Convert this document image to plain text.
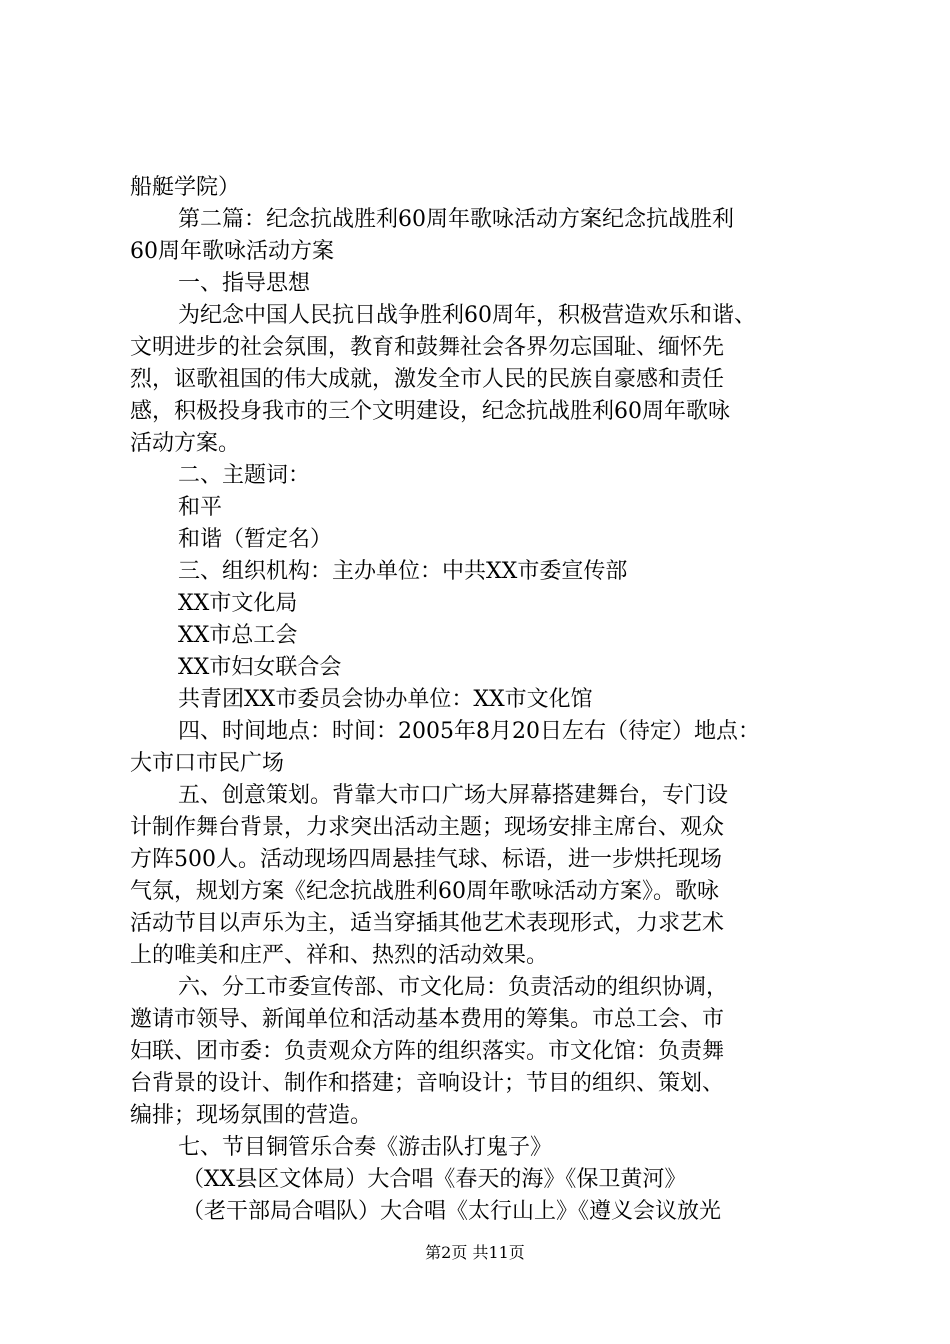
船艇学院）
第二篇：纪念抗战胜利60周年歌咏活动方案纪念抗战胜利
60周年歌咏活动方案
一、指导思想
为纪念中国人民抗日战争胜利60周年，积极营造欢乐和谐、
文明进步的社会氛围，教育和鼓舞社会各界勿忘国耻、缅怀先
烈，讴歌祖国的伟大成就，激发全市人民的民族自豪感和责任
感，积极投身我市的三个文明建设，纪念抗战胜利60周年歌咏
活动方案。
二、主题词：
和平
和谐（暂定名）
三、组织机构：主办单位：中共XX市委宣传部
XX市文化局
XX市总工会
XX市妇女联合会
共青团XX市委员会协办单位：XX市文化馆
四、时间地点：时间：2005年8月20日左右（待定）地点：
大市口市民广场
五、创意策划。背靠大市口广场大屏幕搭建舞台，专门设
计制作舞台背景，力求突出活动主题；现场安排主席台、观众
方阵500人。活动现场四周悬挂气球、标语，进一步烘托现场
气氛，规划方案《纪念抗战胜利60周年歌咏活动方案》。歌咏
活动节目以声乐为主，适当穿插其他艺术表现形式，力求艺术
上的唯美和庄严、祥和、热烈的活动效果。
六、分工市委宣传部、市文化局：负责活动的组织协调，
邀请市领导、新闻单位和活动基本费用的筹集。市总工会、市
妇联、团市委：负责观众方阵的组织落实。市文化馆：负责舞
台背景的设计、制作和搭建；音响设计；节目的组织、策划、
编排；现场氛围的营造。
七、节目铜管乐合奏《游击队打鬼子》
（XX县区文体局）大合唱《春天的海》《保卫黄河》
（老干部局合唱队）大合唱《太行山上》《遵义会议放光
第2页 共11页
